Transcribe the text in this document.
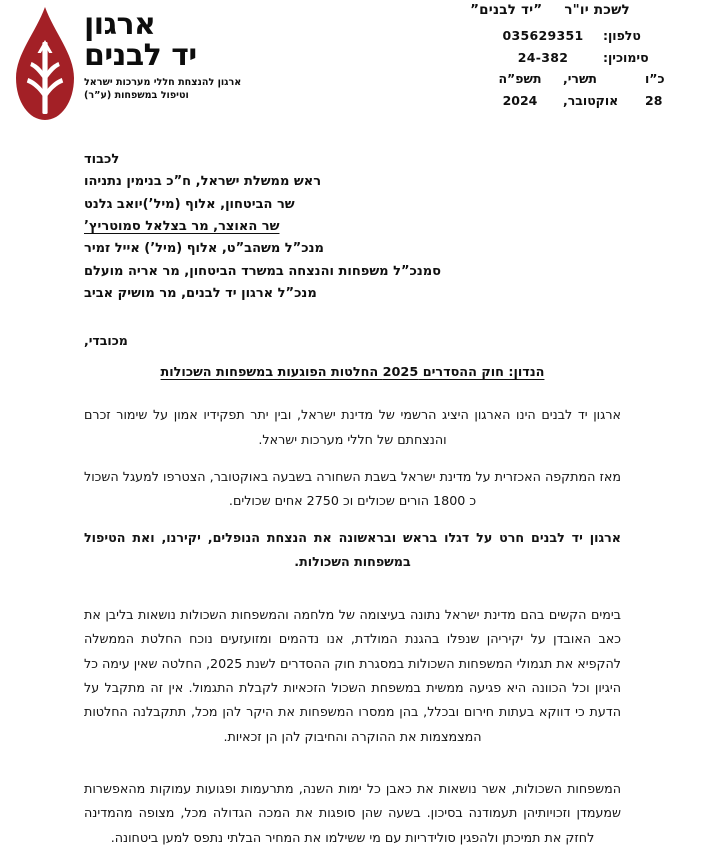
ארגון
יד לבנים
ארגון להנצחת חללי מערכות ישראל
וטיפול במשפחות (ע”ר)
לשכת יו"ר”יד לבנים”
טלפון:
035629351
סימוכין:
24-382
כ”ו
תשרי,
תשפ”ה
28
אוקטובר,
2024
לכבוד
ראש ממשלת ישראל, ח”כ בנימין נתניהו
שר הביטחון, אלוף (מיל’)יואב גלנט
שר האוצר, מר בצלאל סמוטריץ’
מנכ”ל משהב”ט, אלוף (מיל’) אייל זמיר
סמנכ”ל משפחות והנצחה במשרד הביטחון, מר אריה מועלם
מנכ”ל ארגון יד לבנים, מר מושיק אביב
מכובדי,
הנדון: חוק ההסדרים 2025 החלטות הפוגעות במשפחות השכולות

ארגון יד לבנים הינו הארגון היציג הרשמי של מדינת ישראל, ובין יתר תפקידיו אמון על שימור זכרם והנצחתם של חללי מערכות ישראל.

מאז המתקפה האכזרית על מדינת ישראל בשבת השחורה בשבעה באוקטובר, הצטרפו למעגל השכול כ 1800 הורים שכולים וכ 2750 אחים שכולים.

ארגון יד לבנים חרט על דגלו בראש ובראשונה את הנצחת הנופלים, יקירנו, ואת הטיפול במשפחות השכולות.

בימים הקשים בהם מדינת ישראל נתונה בעיצומה של מלחמה והמשפחות השכולות נושאות בליבן את כאב האובדן על יקיריהן שנפלו בהגנת המולדת, אנו נדהמים ומזועזעים נוכח החלטת הממשלה להקפיא את תגמולי המשפחות השכולות במסגרת חוק ההסדרים לשנת 2025, החלטה שאין עימה כל היגיון וכל הכוונה היא פגיעה ממשית במשפחת השכול הזכאיות לקבלת התגמול. אין זה מתקבל על הדעת כי דווקא בעתות חירום ובכלל, בהן ממסרו המשפחות את היקר להן מכל, תתקבלנה החלטות המצמצמות את ההוקרה והחיבוק להן הן זכאיות.

המשפחות השכולות, אשר נושאות את כאבן כל ימות השנה, מתרעמות ופגועות עמוקות מהאפשרות שמעמדן וזכויותיהן תעמודנה בסיכון. בשעה שהן סופגות את המכה הגדולה מכל, מצופה מהמדינה לחזק את תמיכתן ולהפגין סולידריות עם מי ששילמו את המחיר הבלתי נתפס למען ביטחונה.
